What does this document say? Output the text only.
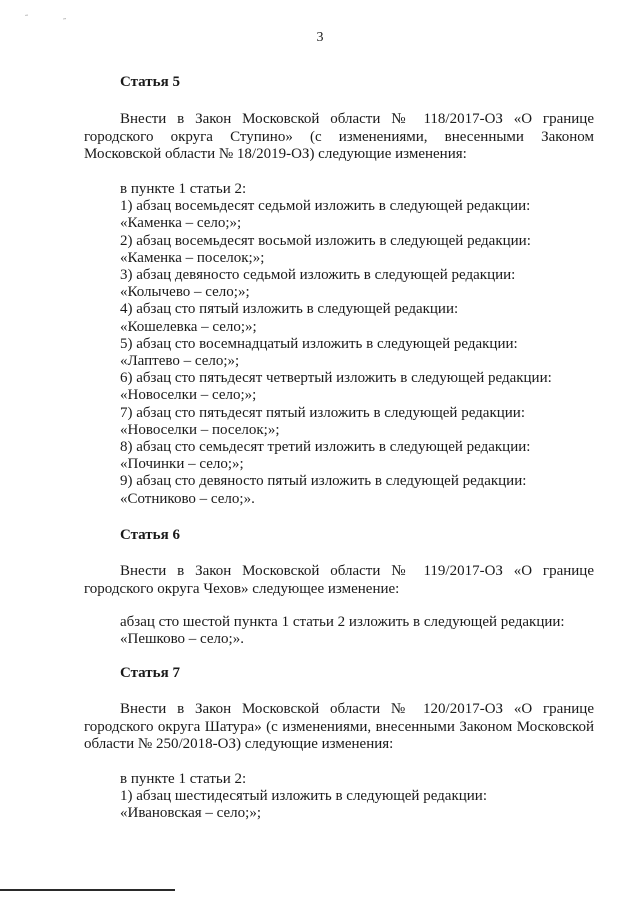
“	„
3
Статья 5
Внести в Закон Московской области № 118/2017-ОЗ «О границе городского округа Ступино» (с изменениями, внесенными Законом Московской области № 18/2019-ОЗ) следующие изменения:
в пункте 1 статьи 2:
1) абзац восемьдесят седьмой изложить в следующей редакции:
«Каменка – село;»;
2) абзац восемьдесят восьмой изложить в следующей редакции:
«Каменка – поселок;»;
3) абзац девяносто седьмой изложить в следующей редакции:
«Колычево – село;»;
4) абзац сто пятый изложить в следующей редакции:
«Кошелевка – село;»;
5) абзац сто восемнадцатый изложить в следующей редакции:
«Лаптево – село;»;
6) абзац сто пятьдесят четвертый изложить в следующей редакции:
«Новоселки – село;»;
7) абзац сто пятьдесят пятый изложить в следующей редакции:
«Новоселки – поселок;»;
8) абзац сто семьдесят третий изложить в следующей редакции:
«Починки – село;»;
9) абзац сто девяносто пятый изложить в следующей редакции:
«Сотниково – село;».
Статья 6
Внести в Закон Московской области № 119/2017-ОЗ «О границе городского округа Чехов» следующее изменение:
абзац сто шестой пункта 1 статьи 2 изложить в следующей редакции:
«Пешково – село;».
Статья 7
Внести в Закон Московской области № 120/2017-ОЗ «О границе городского округа Шатура» (с изменениями, внесенными Законом Московской области № 250/2018-ОЗ) следующие изменения:
в пункте 1 статьи 2:
1) абзац шестидесятый изложить в следующей редакции:
«Ивановская – село;»;
